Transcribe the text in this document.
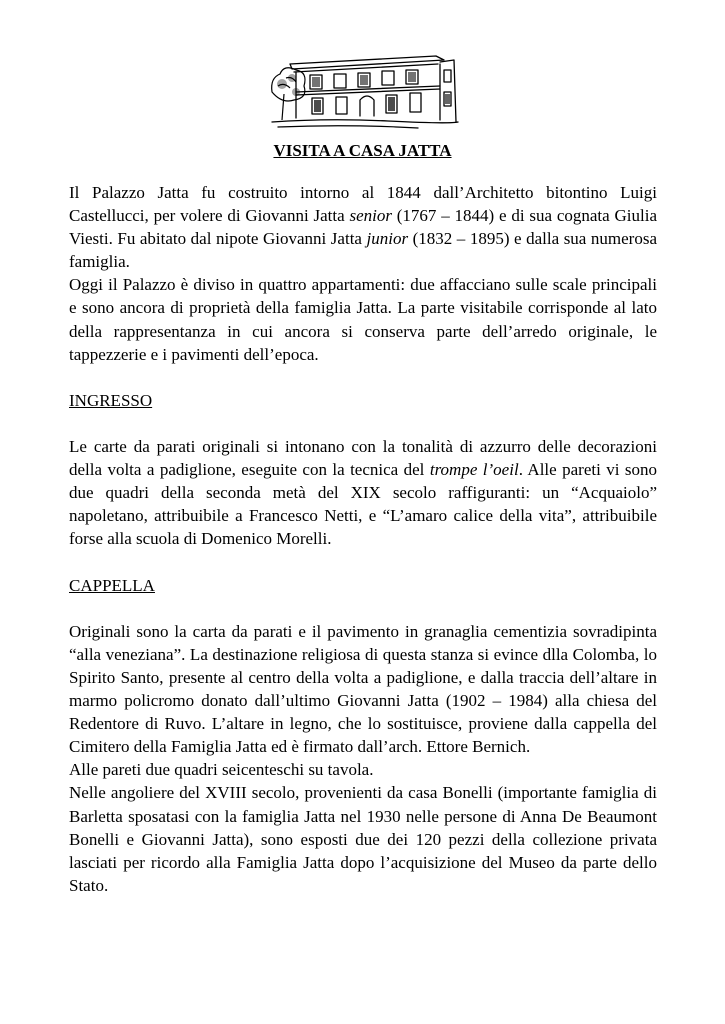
VISITA A CASA JATTA

Il Palazzo Jatta fu costruito intorno al 1844 dall’Architetto bitontino Luigi Castellucci, per volere di Giovanni Jatta senior (1767 – 1844) e di sua cognata Giulia Viesti. Fu abitato dal nipote Giovanni Jatta junior (1832 – 1895) e dalla sua numerosa famiglia.

Oggi il Palazzo è diviso in quattro appartamenti: due affacciano sulle scale principali e sono ancora di proprietà della famiglia Jatta. La parte visitabile corrisponde al lato della rappresentanza in cui ancora si conserva parte dell’arredo originale, le tappezzerie e i pavimenti dell’epoca.

INGRESSO

Le carte da parati originali si intonano con la tonalità di azzurro delle decorazioni della volta a padiglione, eseguite con la tecnica del trompe l’oeil. Alle pareti vi sono due quadri della seconda metà del XIX secolo raffiguranti: un “Acquaiolo” napoletano, attribuibile a Francesco Netti, e “L’amaro calice della vita”, attribuibile forse alla scuola di Domenico Morelli.

CAPPELLA

Originali sono la carta da parati e il pavimento in granaglia cementizia sovradipinta “alla veneziana”. La destinazione religiosa di questa stanza si evince dlla Colomba, lo Spirito Santo, presente al centro della volta a padiglione, e dalla traccia dell’altare in marmo policromo donato dall’ultimo Giovanni Jatta (1902 – 1984) alla chiesa del Redentore di Ruvo. L’altare in legno, che lo sostituisce, proviene dalla cappella del Cimitero della Famiglia Jatta ed è firmato dall’arch. Ettore Bernich.

Alle pareti due quadri seicenteschi su tavola.

Nelle angoliere del XVIII secolo, provenienti da casa Bonelli (importante famiglia di Barletta sposatasi con la famiglia Jatta nel 1930 nelle persone di Anna De Beaumont Bonelli e Giovanni Jatta), sono esposti due dei 120 pezzi della collezione privata lasciati per ricordo alla Famiglia Jatta dopo l’acquisizione del Museo da parte dello Stato.
